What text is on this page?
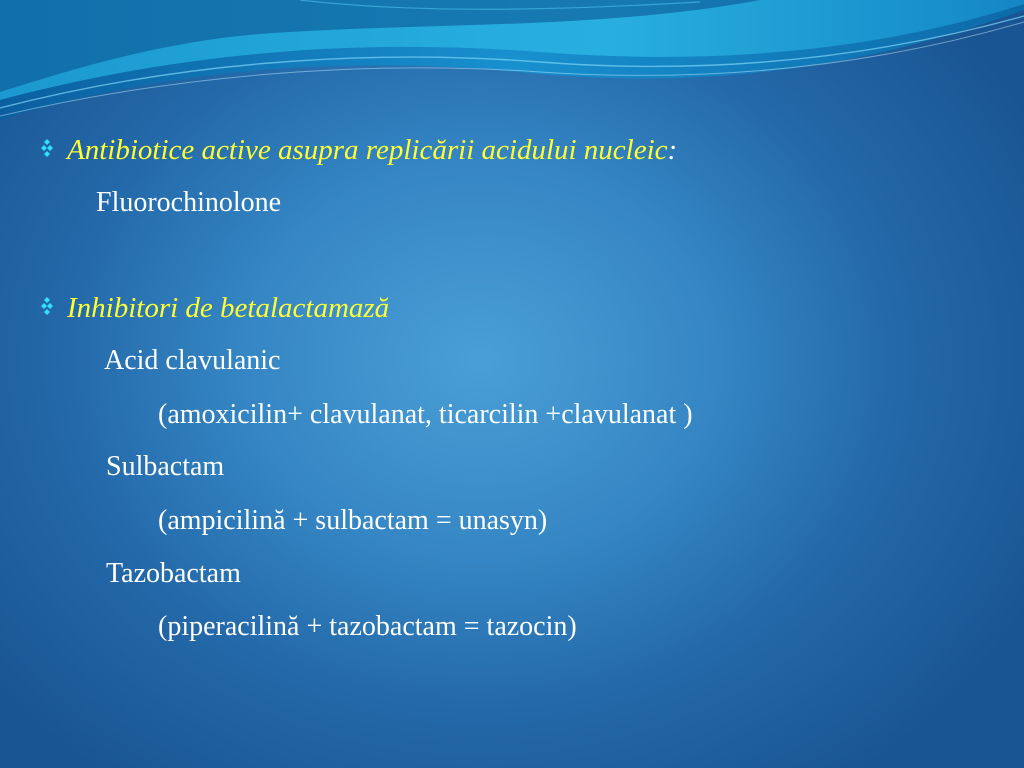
Antibiotice active asupra replicării acidului nucleic:
Fluorochinolone
Inhibitori de betalactamază
Acid clavulanic
(amoxicilin+ clavulanat, ticarcilin +clavulanat )
Sulbactam
(ampicilină + sulbactam = unasyn)
Tazobactam
(piperacilină + tazobactam = tazocin)
